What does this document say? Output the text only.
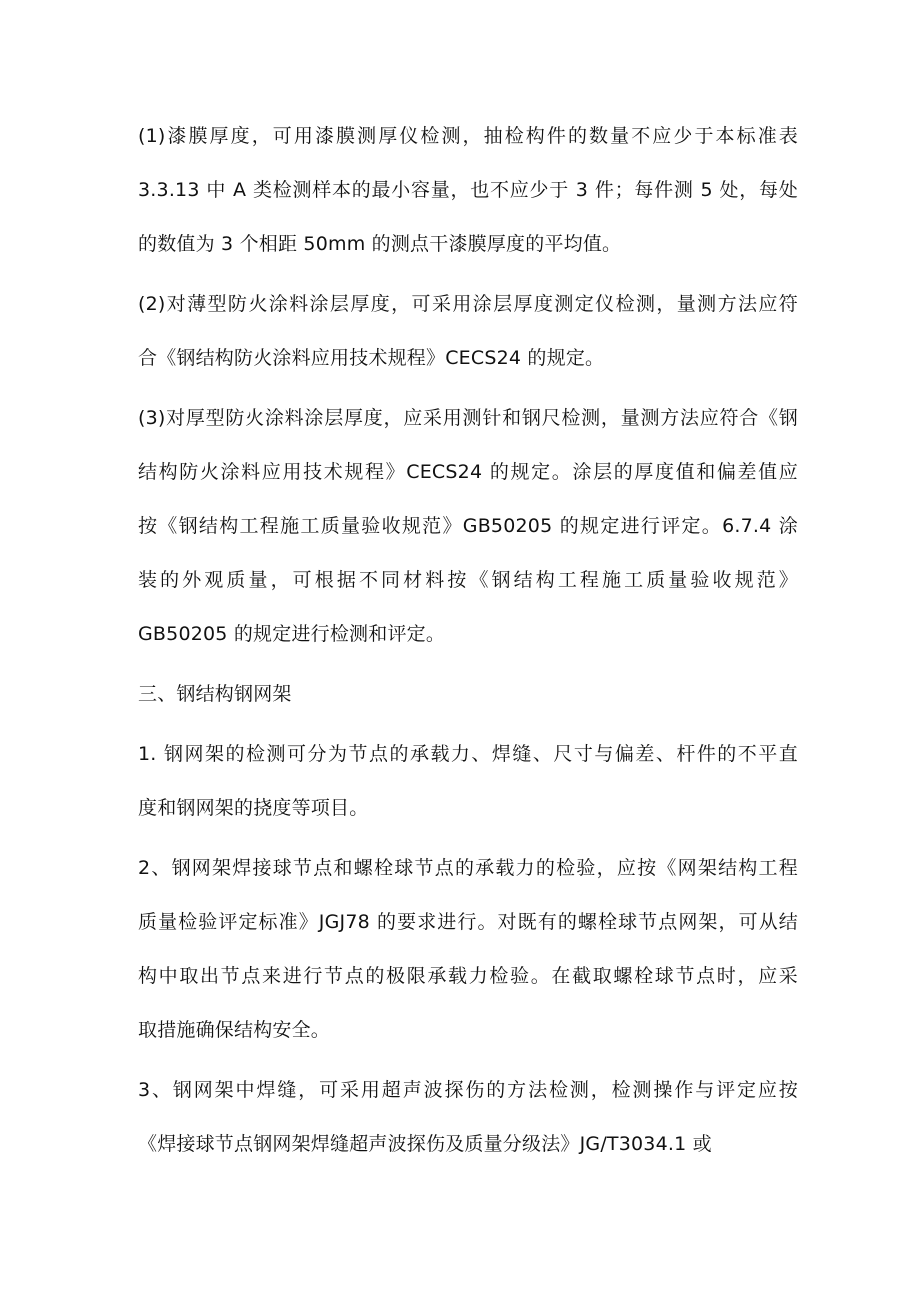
(1)漆膜厚度，可用漆膜测厚仪检测，抽检构件的数量不应少于本标准表
3.3.13 中 A 类检测样本的最小容量，也不应少于 3 件；每件测 5 处，每处
的数值为 3 个相距 50mm 的测点干漆膜厚度的平均值。
(2)对薄型防火涂料涂层厚度，可采用涂层厚度测定仪检测，量测方法应符
合《钢结构防火涂料应用技术规程》CECS24 的规定。
(3)对厚型防火涂料涂层厚度，应采用测针和钢尺检测，量测方法应符合《钢
结构防火涂料应用技术规程》CECS24 的规定。涂层的厚度值和偏差值应
按《钢结构工程施工质量验收规范》GB50205 的规定进行评定。6.7.4 涂
装的外观质量，可根据不同材料按《钢结构工程施工质量验收规范》
GB50205 的规定进行检测和评定。
三、钢结构钢网架
1. 钢网架的检测可分为节点的承载力、焊缝、尺寸与偏差、杆件的不平直
度和钢网架的挠度等项目。
2、钢网架焊接球节点和螺栓球节点的承载力的检验，应按《网架结构工程
质量检验评定标准》JGJ78 的要求进行。对既有的螺栓球节点网架，可从结
构中取出节点来进行节点的极限承载力检验。在截取螺栓球节点时，应采
取措施确保结构安全。
3、钢网架中焊缝，可采用超声波探伤的方法检测，检测操作与评定应按
《焊接球节点钢网架焊缝超声波探伤及质量分级法》JG/T3034.1 或
